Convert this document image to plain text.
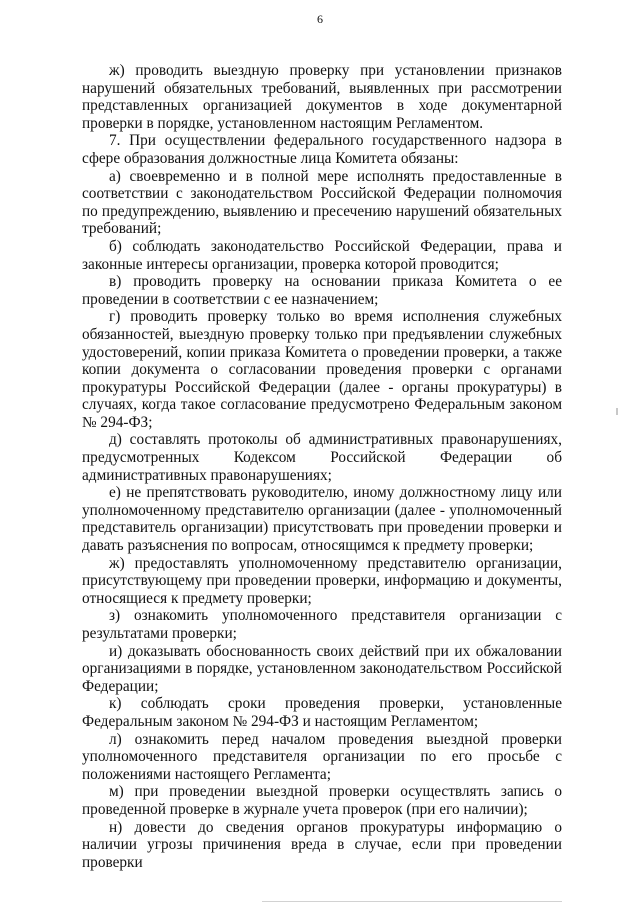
6

ж) проводить выездную проверку при установлении признаков нарушений обязательных требований, выявленных при рассмотрении представленных организацией документов в ходе документарной проверки в порядке, установленном настоящим Регламентом.

7. При осуществлении федерального государственного надзора в сфере образования должностные лица Комитета обязаны:

а) своевременно и в полной мере исполнять предоставленные в соответствии с законодательством Российской Федерации полномочия по предупреждению, выявлению и пресечению нарушений обязательных требований;

б) соблюдать законодательство Российской Федерации, права и законные интересы организации, проверка которой проводится;

в) проводить проверку на основании приказа Комитета о ее проведении в соответствии с ее назначением;

г) проводить проверку только во время исполнения служебных обязанностей, выездную проверку только при предъявлении служебных удостоверений, копии приказа Комитета о проведении проверки, а также копии документа о согласовании проведения проверки с органами прокуратуры Российской Федерации (далее - органы прокуратуры) в случаях, когда такое согласование предусмотрено Федеральным законом № 294-ФЗ;

д) составлять протоколы об административных правонарушениях, предусмотренных Кодексом Российской Федерации об административных правонарушениях;

е) не препятствовать руководителю, иному должностному лицу или уполномоченному представителю организации (далее - уполномоченный представитель организации) присутствовать при проведении проверки и давать разъяснения по вопросам, относящимся к предмету проверки;

ж) предоставлять уполномоченному представителю организации, присутствующему при проведении проверки, информацию и документы, относящиеся к предмету проверки;

з) ознакомить уполномоченного представителя организации с результатами проверки;

и) доказывать обоснованность своих действий при их обжаловании организациями в порядке, установленном законодательством Российской Федерации;

к) соблюдать сроки проведения проверки, установленные Федеральным законом № 294-ФЗ и настоящим Регламентом;

л) ознакомить перед началом проведения выездной проверки уполномоченного представителя организации по его просьбе с положениями настоящего Регламента;

м) при проведении выездной проверки осуществлять запись о проведенной проверке в журнале учета проверок (при его наличии);

н) довести до сведения органов прокуратуры информацию о наличии угрозы причинения вреда в случае, если при проведении проверки
